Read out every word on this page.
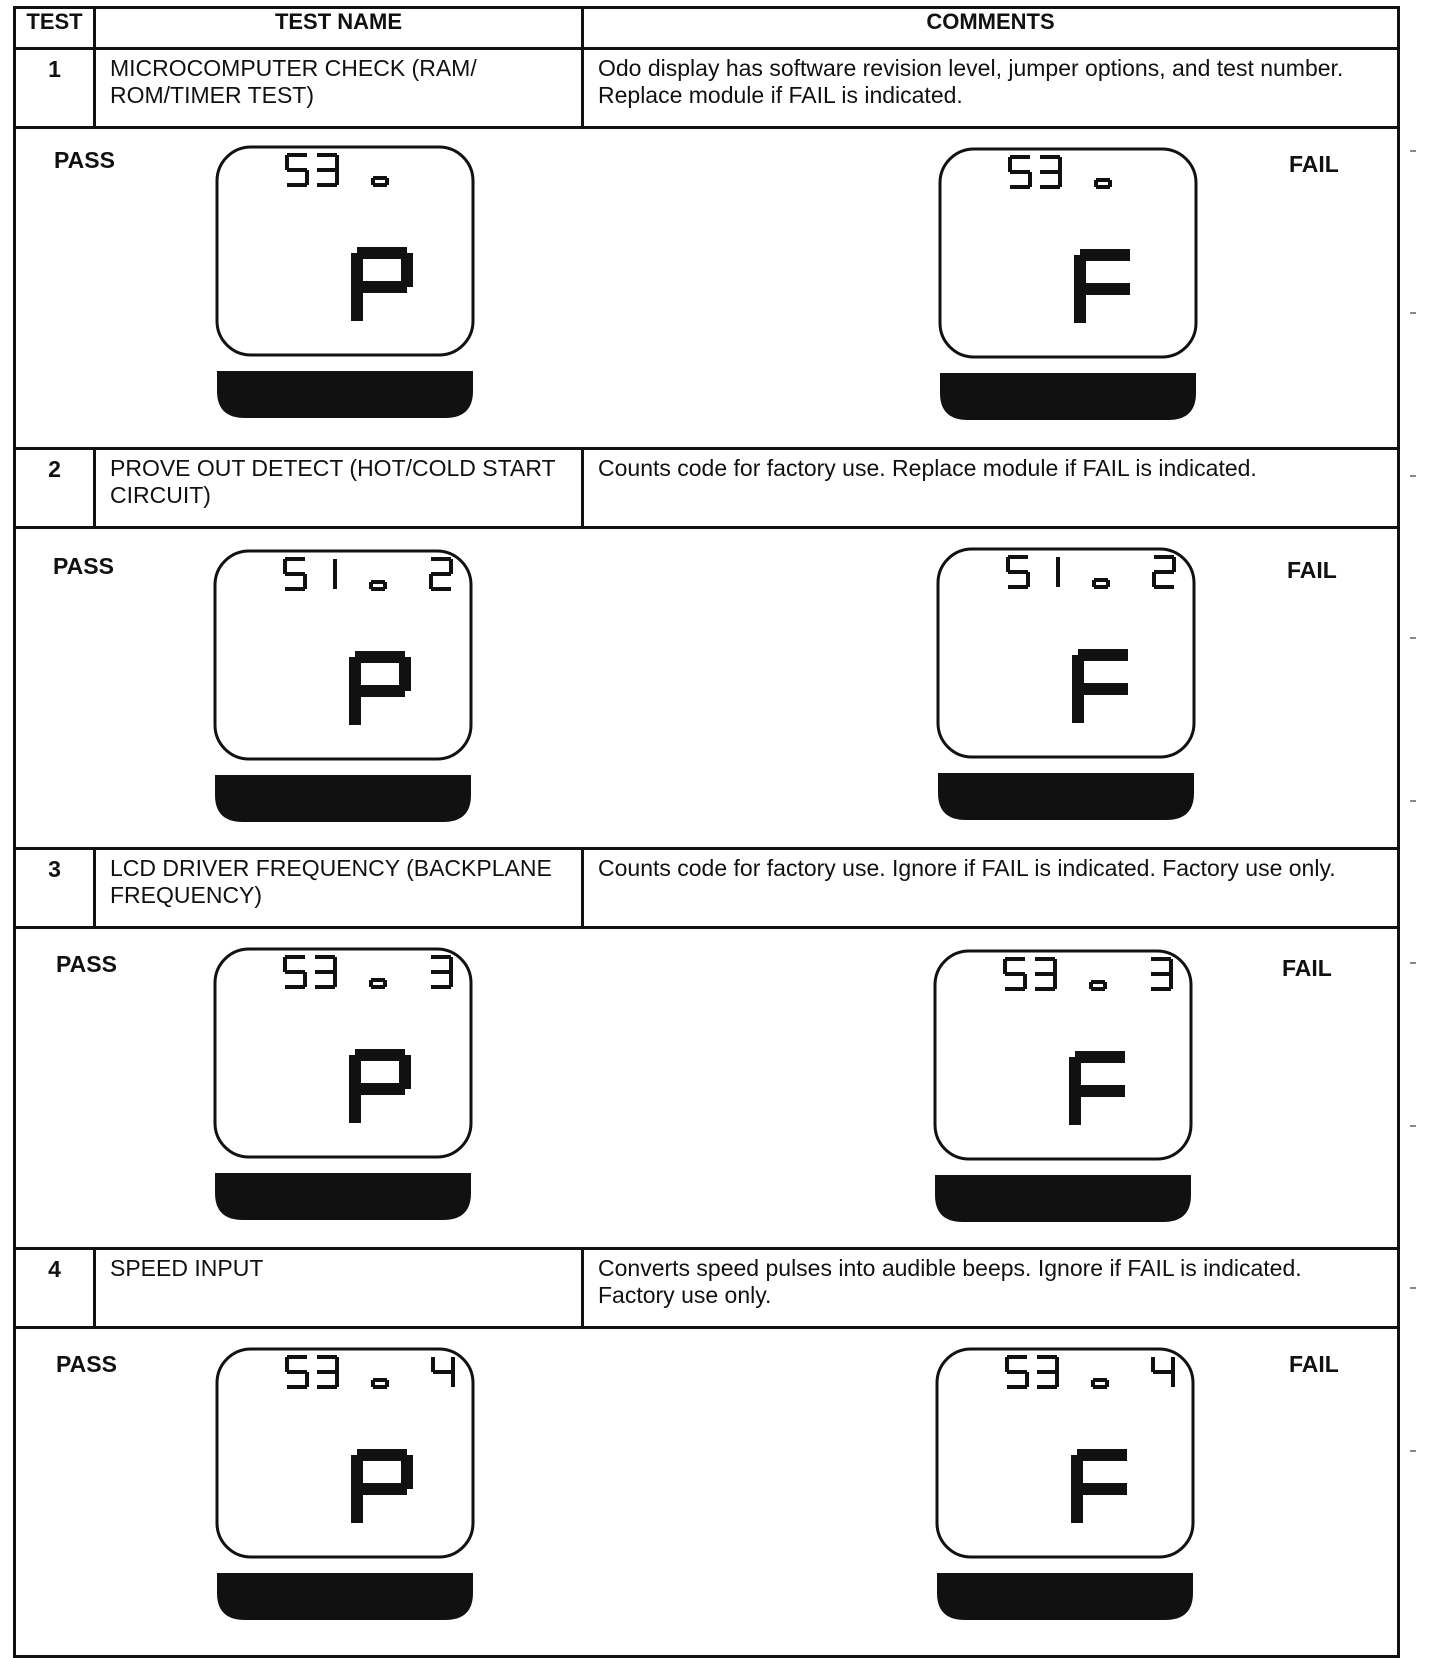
TEST	TEST NAME	COMMENTS
1	MICROCOMPUTER CHECK (RAM/ ROM/TIMER TEST)	Odo display has software revision level, jumper options, and test number. Replace module if FAIL is indicated.

PASS FAIL		

2	PROVE OUT DETECT (HOT/COLD START CIRCUIT)	Counts code for factory use. Replace module if FAIL is indicated.

PASS FAIL		

3	LCD DRIVER FREQUENCY (BACKPLANE FREQUENCY)	Counts code for factory use. Ignore if FAIL is indicated. Factory use only.

PASS FAIL		

4	SPEED INPUT	Converts speed pulses into audible beeps. Ignore if FAIL is indicated. Factory use only.

PASS FAIL		
